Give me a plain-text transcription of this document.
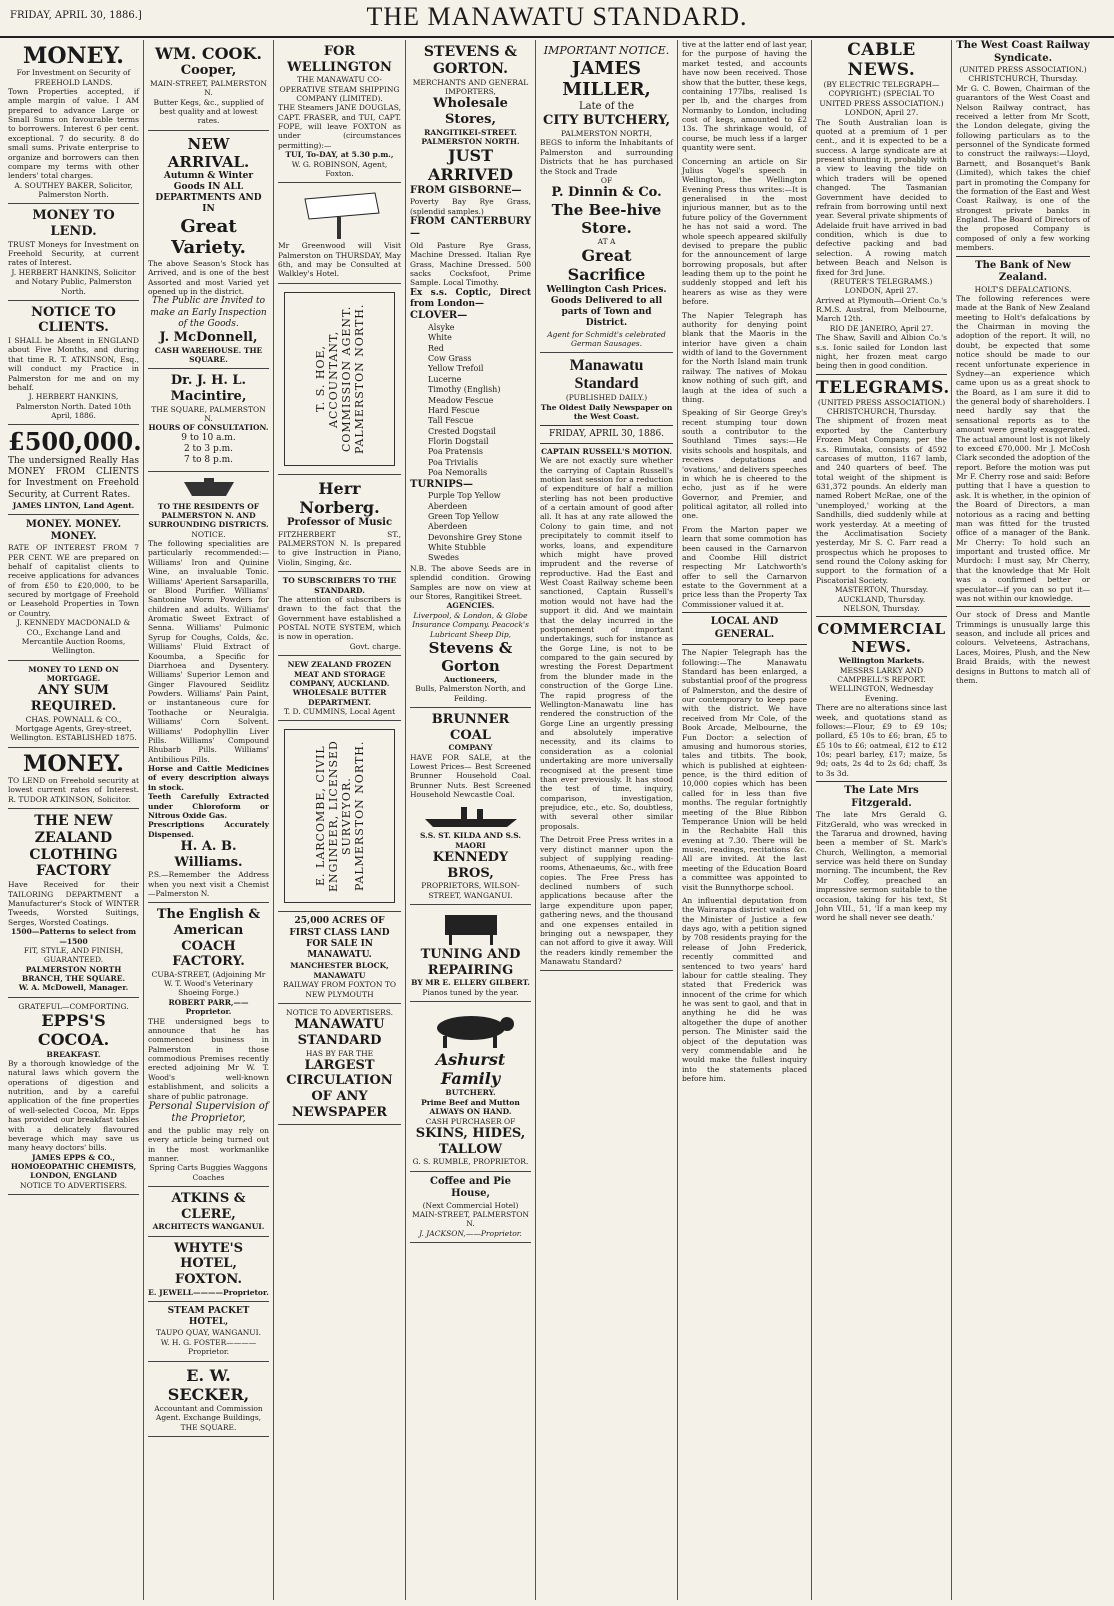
FRIDAY, APRIL 30, 1886.]	THE MANAWATU STANDARD.
MONEY.
For Investment on Security of FREEHOLD LANDS.
Town Properties accepted, if ample margin of value. I AM prepared to advance Large or Small Sums on favourable terms to borrowers. Interest 6 per cent. exceptional. 7 do security. 8 do small sums. Private enterprise to organize and borrowers can then compare my terms with other lenders' total charges.
A. SOUTHEY BAKER, Solicitor, Palmerston North.
MONEY TO LEND.
TRUST Moneys for Investment on Freehold Security, at current rates of Interest.
J. HERBERT HANKINS, Solicitor and Notary Public, Palmerston North.
NOTICE TO CLIENTS.
I SHALL be Absent in ENGLAND about Five Months, and during that time R. T. ATKINSON, Esq., will conduct my Practice in Palmerston for me and on my behalf.
J. HERBERT HANKINS, Palmerston North. Dated 10th April, 1886.
£500,000.
The undersigned Really Has MONEY FROM CLIENTS for Investment on Freehold Security, at Current Rates.
JAMES LINTON, Land Agent.
MONEY. MONEY. MONEY.
RATE OF INTEREST FROM 7 PER CENT. WE are prepared on behalf of capitalist clients to receive applications for advances of from £50 to £20,000, to be secured by mortgage of Freehold or Leasehold Properties in Town or Country.
J. KENNEDY MACDONALD & CO., Exchange Land and Mercantile Auction Rooms, Wellington.
MONEY TO LEND ON MORTGAGE.
ANY SUM REQUIRED.
CHAS. POWNALL & CO., Mortgage Agents, Grey-street, Wellington. ESTABLISHED 1875.
MONEY.
TO LEND on Freehold security at lowest current rates of Interest. R. TUDOR ATKINSON, Solicitor.
THE NEW ZEALAND CLOTHING FACTORY
Have Received for their TAILORING DEPARTMENT a Manufacturer's Stock of WINTER Tweeds, Worsted Suitings, Serges, Worsted Coatings.
1500—Patterns to select from—1500
FIT, STYLE, AND FINISH, GUARANTEED.
PALMERSTON NORTH BRANCH, THE SQUARE.
W. A. McDowell, Manager.
GRATEFUL—COMFORTING.
EPPS'S COCOA.
BREAKFAST.
By a thorough knowledge of the natural laws which govern the operations of digestion and nutrition, and by a careful application of the fine properties of well-selected Cocoa, Mr. Epps has provided our breakfast tables with a delicately flavoured beverage which may save us many heavy doctors' bills.
JAMES EPPS & CO., HOMOEOPATHIC CHEMISTS, LONDON, ENGLAND
NOTICE TO ADVERTISERS.
WM. COOK.
Cooper,
MAIN-STREET, PALMERSTON N.
Butter Kegs, &c., supplied of best quality and at lowest rates.
NEW ARRIVAL.
Autumn & Winter Goods IN ALL DEPARTMENTS AND IN
Great Variety.
The above Season's Stock has Arrived, and is one of the best Assorted and most Varied yet opened up in the district.
The Public are Invited to make an Early Inspection of the Goods.
J. McDonnell,
CASH WAREHOUSE. THE SQUARE.
Dr. J. H. L. Macintire,
THE SQUARE, PALMERSTON N.
HOURS OF CONSULTATION.
9 to 10 a.m.
2 to 3 p.m.
7 to 8 p.m.
TO THE RESIDENTS OF PALMERSTON N. AND SURROUNDING DISTRICTS.
NOTICE.
The following specialities are particularly recommended:— Williams' Iron and Quinine Wine, an invaluable Tonic. Williams' Aperient Sarsaparilla, or Blood Purifier. Williams' Santonine Worm Powders for children and adults. Williams' Aromatic Sweet Extract of Senna. Williams' Pulmonic Syrup for Coughs, Colds, &c. Williams' Fluid Extract of Kooumba, a Specific for Diarrhoea and Dysentery. Williams' Superior Lemon and Ginger Flavoured Seidlitz Powders. Williams' Pain Paint, or instantaneous cure for Toothache or Neuralgia. Williams' Corn Solvent. Williams' Podophyllin Liver Pills. Williams' Compound Rhubarb Pills. Williams' Antibilious Pills.
Horse and Cattle Medicines of every description always in stock.
Teeth Carefully Extracted under Chloroform or Nitrous Oxide Gas.
Prescriptions Accurately Dispensed.
H. A. B. Williams.
P.S.—Remember the Address when you next visit a Chemist—Palmerston N.
The English & American COACH FACTORY.
CUBA-STREET, (Adjoining Mr W. T. Wood's Veterinary Shoeing Forge.)
ROBERT PARR,——Proprietor.
THE undersigned begs to announce that he has commenced business in Palmerston in those commodious Premises recently erected adjoining Mr W. T. Wood's well-known establishment, and solicits a share of public patronage.
Personal Supervision of the Proprietor,
and the public may rely on every article being turned out in the most workmanlike manner.
Spring Carts Buggies Waggons Coaches
ATKINS & CLERE,
ARCHITECTS WANGANUI.
WHYTE'S HOTEL, FOXTON.
E. JEWELL————Proprietor.
STEAM PACKET HOTEL,
TAUPO QUAY, WANGANUI.
W. H. G. FOSTER————Proprietor.
E. W. SECKER,
Accountant and Commission Agent. Exchange Buildings, THE SQUARE.
FOR WELLINGTON
THE MANAWATU CO-OPERATIVE STEAM SHIPPING COMPANY (LIMITED).
THE Steamers JANE DOUGLAS, CAPT. FRASER, and TUI, CAPT. FOPE, will leave FOXTON as under (circumstances permitting):—
TUI, To-DAY, at 5.30 p.m.,
W. G. ROBINSON, Agent, Foxton.
Mr Greenwood will Visit Palmerston on THURSDAY, May 6th, and may be Consulted at Walkley's Hotel.
T. S. HOE, ACCOUNTANT, COMMISSION AGENT. PALMERSTON NORTH.
Herr Norberg.
Professor of Music
FITZHERBERT ST., PALMERSTON N. Is prepared to give Instruction in Piano, Violin, Singing, &c.
TO SUBSCRIBERS TO THE STANDARD.
The attention of subscribers is drawn to the fact that the Government have established a POSTAL NOTE SYSTEM, which is now in operation.
Govt. charge.
NEW ZEALAND FROZEN MEAT AND STORAGE COMPANY, AUCKLAND.
WHOLESALE BUTTER DEPARTMENT.
T. D. CUMMINS, Local Agent
E. LARCOMBE, CIVIL ENGINEER, LICENSED SURVEYOR. PALMERSTON NORTH.
25,000 ACRES OF FIRST CLASS LAND FOR SALE IN MANAWATU.
MANCHESTER BLOCK, MANAWATU
RAILWAY FROM FOXTON TO NEW PLYMOUTH
NOTICE TO ADVERTISERS.
MANAWATU STANDARD
HAS BY FAR THE
LARGEST CIRCULATION
OF ANY NEWSPAPER
STEVENS & GORTON.
MERCHANTS AND GENERAL IMPORTERS,
Wholesale Stores,
RANGITIKEI-STREET. PALMERSTON NORTH.
JUST ARRIVED
FROM GISBORNE—
Poverty Bay Rye Grass, (splendid samples.)
FROM CANTERBURY—
Old Pasture Rye Grass, Machine Dressed. Italian Rye Grass, Machine Dressed. 500 sacks Cocksfoot, Prime Sample. Local Timothy.
Ex s.s. Coptic, Direct from London—
CLOVER—
Alsyke
White
Red
Cow Grass
Yellow Trefoil
Lucerne
Timothy (English)
Meadow Fescue
Hard Fescue
Tall Fescue
Crested Dogstail
Florin Dogstail
Poa Pratensis
Poa Trivialis
Poa Nemoralis
TURNIPS—
Purple Top Yellow Aberdeen
Green Top Yellow Aberdeen
Devonshire Grey Stone
White Stubble
Swedes
N.B. The above Seeds are in splendid condition. Growing Samples are now on view at our Stores, Rangitikei Street.
AGENCIES.
Liverpool, & London, & Globe Insurance Company. Peacock's Lubricant Sheep Dip,
Stevens & Gorton
Auctioneers,
Bulls, Palmerston North, and Feilding.
BRUNNER COAL
COMPANY
HAVE FOR SALE, at the Lowest Prices— Best Screened Brunner Household Coal. Brunner Nuts. Best Screened Household Newcastle Coal.
S.S. ST. KILDA AND S.S. MAORI
KENNEDY BROS,
PROPRIETORS, WILSON-STREET, WANGANUI.
TUNING AND REPAIRING
BY MR E. ELLERY GILBERT.
Pianos tuned by the year.
Ashurst Family
BUTCHERY.
Prime Beef and Mutton ALWAYS ON HAND.
CASH PURCHASER OF
SKINS, HIDES,
TALLOW
G. S. RUMBLE, PROPRIETOR.
Coffee and Pie House,
(Next Commercial Hotel) MAIN-STREET, PALMERSTON N.
J. JACKSON,——Proprietor.
IMPORTANT NOTICE.
JAMES MILLER,
Late of the
CITY BUTCHERY,
PALMERSTON NORTH,
BEGS to inform the Inhabitants of Palmerston and surrounding Districts that he has purchased the Stock and Trade
OF
P. Dinnin & Co.
The Bee-hive Store.
AT A
Great Sacrifice
Wellington Cash Prices.
Goods Delivered to all parts of Town and District.
Agent for Schmidt's celebrated German Sausages.
Manawatu Standard
(PUBLISHED DAILY.)
The Oldest Daily Newspaper on the West Coast.
FRIDAY, APRIL 30, 1886.
CAPTAIN RUSSELL'S MOTION.
We are not exactly sure whether the carrying of Captain Russell's motion last session for a reduction of expenditure of half a million sterling has not been productive of a certain amount of good after all. It has at any rate allowed the Colony to gain time, and not precipitately to commit itself to works, loans, and expenditure which might have proved imprudent and the reverse of reproductive. Had the East and West Coast Railway scheme been sanctioned, Captain Russell's motion would not have had the support it did. And we maintain that the delay incurred in the postponement of important undertakings, such for instance as the Gorge Line, is not to be compared to the gain secured by wresting the Forest Department from the blunder made in the construction of the Gorge Line. The rapid progress of the Wellington-Manawatu line has rendered the construction of the Gorge Line an urgently pressing and absolutely imperative necessity, and its claims to consideration as a colonial undertaking are more universally recognised at the present time than ever previously. It has stood the test of time, inquiry, comparison, investigation, prejudice, etc., etc. So, doubtless, with several other similar proposals.
The Detroit Free Press writes in a very distinct manner upon the subject of supplying reading-rooms, Athenaeums, &c., with free copies. The Free Press has declined numbers of such applications because after the large expenditure upon paper, gathering news, and the thousand and one expenses entailed in bringing out a newspaper, they can not afford to give it away. Will the readers kindly remember the Manawatu Standard?
tive at the latter end of last year, for the purpose of having the market tested, and accounts have now been received. Those show that the butter, these kegs, containing 177lbs, realised 1s per lb, and the charges from Normanby to London, including cost of kegs, amounted to £2 13s. The shrinkage would, of course, be much less if a larger quantity were sent.
Concerning an article on Sir Julius Vogel's speech in Wellington, the Wellington Evening Press thus writes:—It is generalised in the most injurious manner, but as to the future policy of the Government he has not said a word. The whole speech appeared skilfully devised to prepare the public for the announcement of large borrowing proposals, but after leading them up to the point he suddenly stopped and left his hearers as wise as they were before.
The Napier Telegraph has authority for denying point blank that the Maoris in the interior have given a chain width of land to the Government for the North Island main trunk railway. The natives of Mokau know nothing of such gift, and laugh at the idea of such a thing.
Speaking of Sir George Grey's recent stumping tour down south a contributor to the Southland Times says:—He visits schools and hospitals, and receives deputations and 'ovations,' and delivers speeches in which he is cheered to the echo, just as if he were Governor, and Premier, and political agitator, all rolled into one.
From the Marton paper we learn that some commotion has been caused in the Carnarvon and Coombe Hill district respecting Mr Latchworth's offer to sell the Carnarvon estate to the Government at a price less than the Property Tax Commissioner valued it at.
LOCAL AND GENERAL.
The Napier Telegraph has the following:—The Manawatu Standard has been enlarged, a substantial proof of the progress of Palmerston, and the desire of our contemporary to keep pace with the district. We have received from Mr Cole, of the Book Arcade, Melbourne, the Fun Doctor: a selection of amusing and humorous stories, tales and titbits. The book, which is published at eighteen-pence, is the third edition of 10,000 copies which has been called for in less than five months. The regular fortnightly meeting of the Blue Ribbon Temperance Union will be held in the Rechabite Hall this evening at 7.30. There will be music, readings, recitations &c. All are invited. At the last meeting of the Education Board a committee was appointed to visit the Bunnythorpe school.
An influential deputation from the Wairarapa district waited on the Minister of Justice a few days ago, with a petition signed by 708 residents praying for the release of John Frederick, recently committed and sentenced to two years' hard labour for cattle stealing. They stated that Frederick was innocent of the crime for which he was sent to gaol, and that in anything he did he was altogether the dupe of another person. The Minister said the object of the deputation was very commendable and he would make the fullest inquiry into the statements placed before him.
CABLE NEWS.
(BY ELECTRIC TELEGRAPH—COPYRIGHT.) (SPECIAL TO UNITED PRESS ASSOCIATION.)
LONDON, April 27.
The South Australian loan is quoted at a premium of 1 per cent., and it is expected to be a success. A large syndicate are at present shunting it, probably with a view to leaving the tide on which traders will be opened changed. The Tasmanian Government have decided to refrain from borrowing until next year. Several private shipments of Adelaide fruit have arrived in bad condition, which is due to defective packing and bad selection. A rowing match between Beach and Nelson is fixed for 3rd June.
(REUTER'S TELEGRAMS.)
LONDON, April 27.
Arrived at Plymouth—Orient Co.'s R.M.S. Austral, from Melbourne, March 12th.
RIO DE JANEIRO, April 27.
The Shaw, Savill and Albion Co.'s s.s. Ionic sailed for London last night, her frozen meat cargo being then in good condition.
TELEGRAMS.
(UNITED PRESS ASSOCIATION.)
CHRISTCHURCH, Thursday.
The shipment of frozen meat exported by the Canterbury Frozen Meat Company, per the s.s. Rimutaka, consists of 4592 carcases of mutton, 1167 lamb, and 240 quarters of beef. The total weight of the shipment is 631,372 pounds. An elderly man named Robert McRae, one of the 'unemployed,' working at the Sandhills, died suddenly while at work yesterday. At a meeting of the Acclimatisation Society yesterday, Mr S. C. Farr read a prospectus which he proposes to send round the Colony asking for support to the formation of a Piscatorial Society.
MASTERTON, Thursday.
AUCKLAND, Thursday.
NELSON, Thursday.
COMMERCIAL NEWS.
Wellington Markets.
MESSRS LARKY AND CAMPBELL'S REPORT.
WELLINGTON, Wednesday Evening.
There are no alterations since last week, and quotations stand as follows:—Flour, £9 to £9 10s; pollard, £5 10s to £6; bran, £5 to £5 10s to £6; oatmeal, £12 to £12 10s; pearl barley, £17; maize, 5s 9d; oats, 2s 4d to 2s 6d; chaff, 3s to 3s 3d.
The Late Mrs Fitzgerald.
The late Mrs Gerald G. FitzGerald, who was wrecked in the Tararua and drowned, having been a member of St. Mark's Church, Wellington, a memorial service was held there on Sunday morning. The incumbent, the Rev Mr Coffey, preached an impressive sermon suitable to the occasion, taking for his text, St John VIII., 51, 'If a man keep my word he shall never see death.'
The West Coast Railway Syndicate.
(UNITED PRESS ASSOCIATION.)
CHRISTCHURCH, Thursday.
Mr G. C. Bowen, Chairman of the guarantors of the West Coast and Nelson Railway contract, has received a letter from Mr Scott, the London delegate, giving the following particulars as to the personnel of the Syndicate formed to construct the railways:—Lloyd, Barnett, and Bosanquet's Bank (Limited), which takes the chief part in promoting the Company for the formation of the East and West Coast Railway, is one of the strongest private banks in England. The Board of Directors of the proposed Company is composed of only a few working members.
The Bank of New Zealand.
HOLT'S DEFALCATIONS.
The following references were made at the Bank of New Zealand meeting to Holt's defalcations by the Chairman in moving the adoption of the report. It will, no doubt, be expected that some notice should be made to our recent unfortunate experience in Sydney—an experience which came upon us as a great shock to the Board, as I am sure it did to the general body of shareholders. I need hardly say that the sensational reports as to the amount were greatly exaggerated. The actual amount lost is not likely to exceed £70,000. Mr J. McCosh Clark seconded the adoption of the report. Before the motion was put Mr F. Cherry rose and said: Before putting that I have a question to ask. It is whether, in the opinion of the Board of Directors, a man notorious as a racing and betting man was fitted for the trusted office of a manager of the Bank. Mr Cherry: To hold such an important and trusted office. Mr Murdoch: I must say, Mr Cherry, that the knowledge that Mr Holt was a confirmed better or speculator—if you can so put it—was not within our knowledge.
Our stock of Dress and Mantle Trimmings is unusually large this season, and include all prices and colours. Velveteens, Astrachans, Laces, Moires, Plush, and the New Braid Braids, with the newest designs in Buttons to match all of them.
